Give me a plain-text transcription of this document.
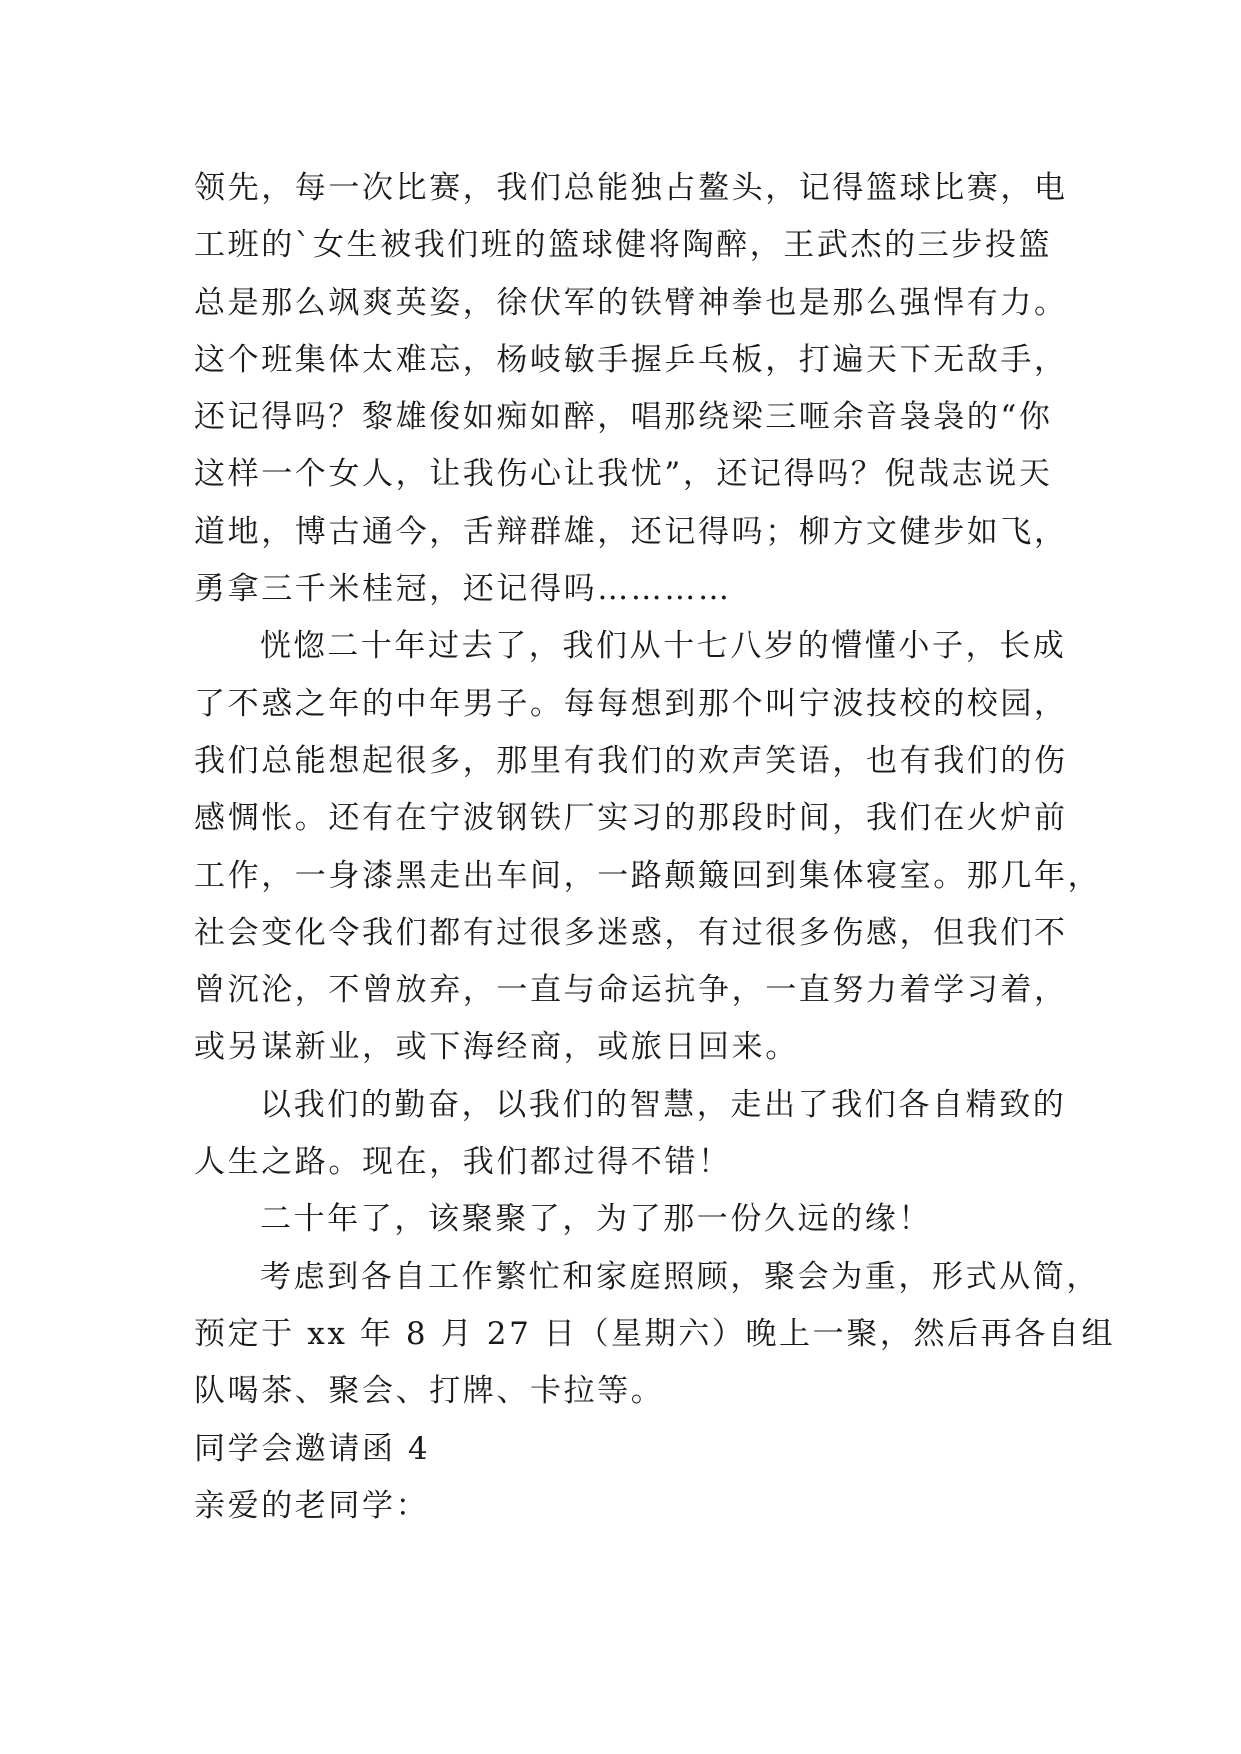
领先，每一次比赛，我们总能独占鳌头，记得篮球比赛，电
工班的`女生被我们班的篮球健将陶醉，王武杰的三步投篮
总是那么飒爽英姿，徐伏军的铁臂神拳也是那么强悍有力。
这个班集体太难忘，杨岐敏手握乒乓板，打遍天下无敌手，
还记得吗？黎雄俊如痴如醉，唱那绕梁三咂余音袅袅的“你
这样一个女人，让我伤心让我忧”，还记得吗？倪哉志说天
道地，博古通今，舌辩群雄，还记得吗；柳方文健步如飞，
勇拿三千米桂冠，还记得吗…………

恍惚二十年过去了，我们从十七八岁的懵懂小子，长成
了不惑之年的中年男子。每每想到那个叫宁波技校的校园，
我们总能想起很多，那里有我们的欢声笑语，也有我们的伤
感惆怅。还有在宁波钢铁厂实习的那段时间，我们在火炉前
工作，一身漆黑走出车间，一路颠簸回到集体寝室。那几年，
社会变化令我们都有过很多迷惑，有过很多伤感，但我们不
曾沉沦，不曾放弃，一直与命运抗争，一直努力着学习着，
或另谋新业，或下海经商，或旅日回来。

以我们的勤奋，以我们的智慧，走出了我们各自精致的
人生之路。现在，我们都过得不错！

二十年了，该聚聚了，为了那一份久远的缘！

考虑到各自工作繁忙和家庭照顾，聚会为重，形式从简，
预定于 xx 年 8 月 27 日（星期六）晚上一聚，然后再各自组
队喝茶、聚会、打牌、卡拉等。

同学会邀请函 4

亲爱的老同学：
